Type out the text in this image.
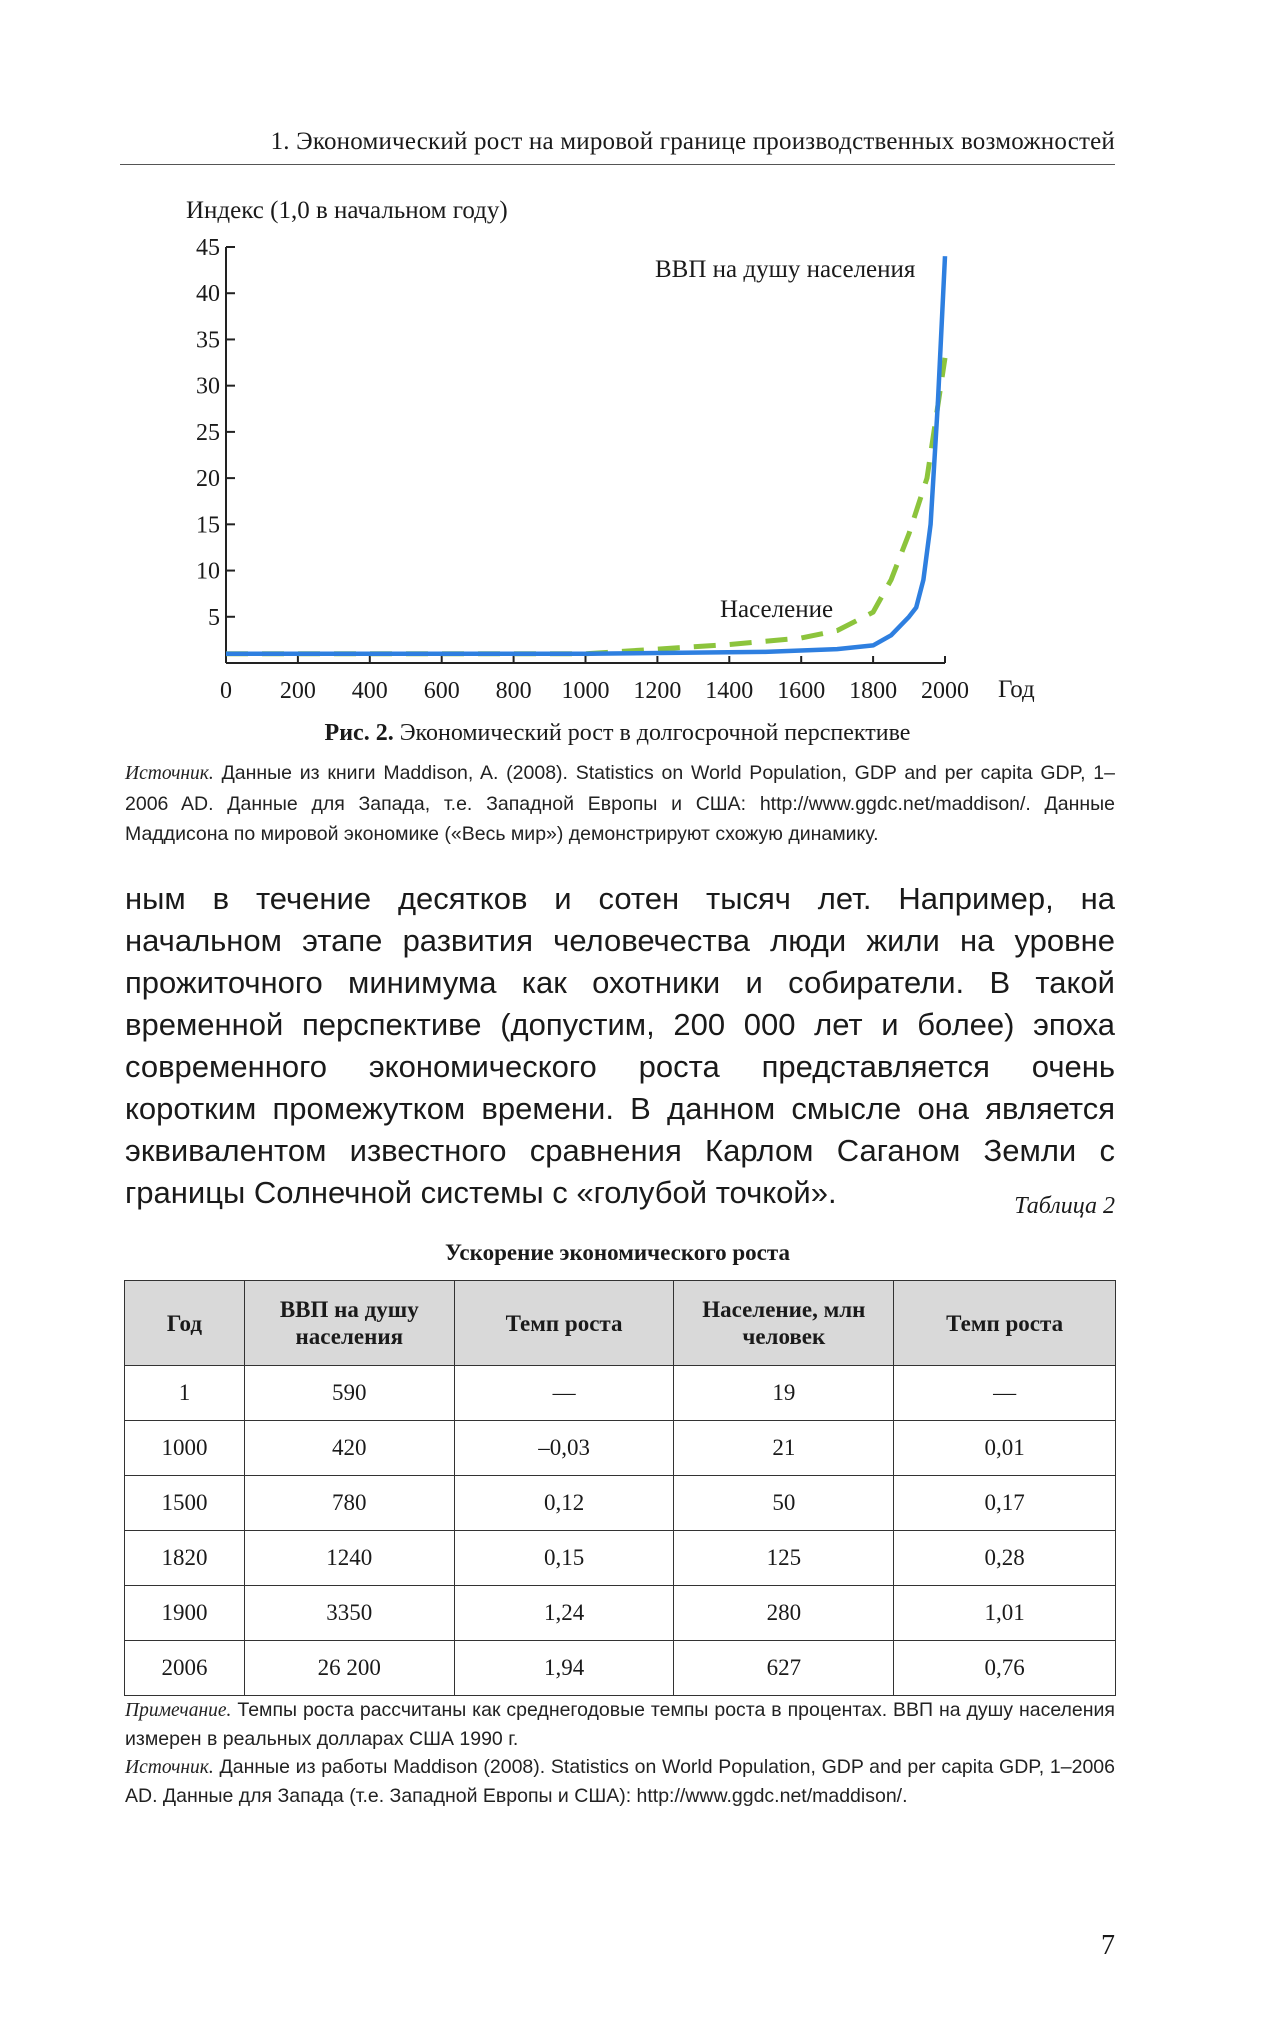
1. Экономический рост на мировой границе производственных возможностей
Индекс (1,0 в начальном году)
5
10
15
20
25
30
35
40
45
0 200 400 600 800 1000 1200 1400 1600 1800 2000 Год
ВВП на душу населения
Население
Рис. 2. Экономический рост в долгосрочной перспективе
Источник. Данные из книги Maddison, A. (2008). Statistics on World Population, GDP and per capita GDP, 1–2006 AD. Данные для Запада, т.е. Западной Европы и США: http://www.ggdc.net/maddison/. Данные Маддисона по мировой экономике («Весь мир») демонстрируют схожую динамику.
ным в течение десятков и сотен тысяч лет. Например, на начальном этапе развития человечества люди жили на уровне прожиточного минимума как охотники и собиратели. В такой временной перспективе (допустим, 200 000 лет и более) эпоха современного экономического роста представляется очень коротким промежутком времени. В данном смысле она является эквивалентом известного сравнения Карлом Саганом Земли с границы Солнечной системы с «голубой точкой».	Таблица 2
Ускорение экономического роста
Год	ВВП на душу населения	Темп роста	Население, млн человек	Темп роста
1	590	—	19	—
1000	420	–0,03	21	0,01
1500	780	0,12	50	0,17
1820	1240	0,15	125	0,28
1900	3350	1,24	280	1,01
2006	26 200	1,94	627	0,76
Примечание. Темпы роста рассчитаны как среднегодовые темпы роста в процентах. ВВП на душу населения измерен в реальных долларах США 1990 г.
Источник. Данные из работы Maddison (2008). Statistics on World Population, GDP and per capita GDP, 1–2006 AD. Данные для Запада (т.е. Западной Европы и США): http://www.ggdc.net/maddison/.
7
